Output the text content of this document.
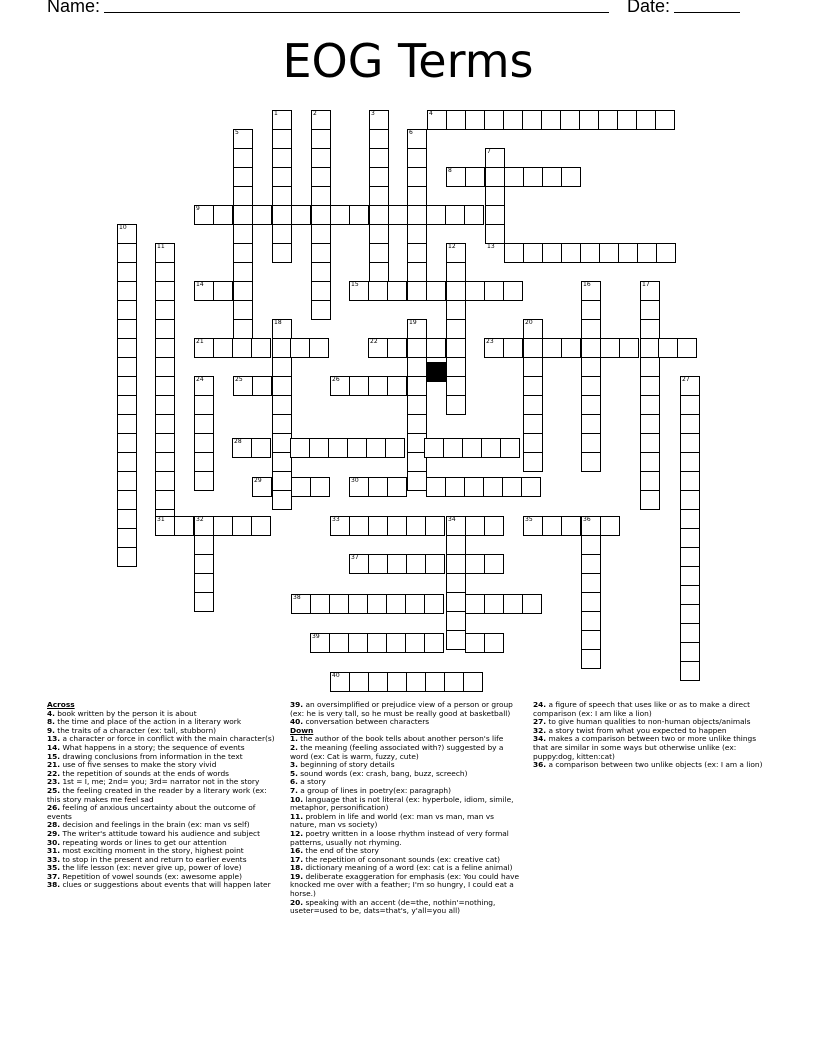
Name:	Date:
EOG Terms
1	2	3	4
5	6
7
8
9
10
11	12	13
14	15	16	17
18	19	20
21	22	23
24	25	26	27
28
29	30
31	32	33	34	35	36
37
38
39
40
Across
4. book written by the person it is about
8. the time and place of the action in a literary work
9. the traits of a character (ex: tall, stubborn)
13. a character or force in conflict with the main character(s)
14. What happens in a story; the sequence of events
15. drawing conclusions from information in the text
21. use of five senses to make the story vivid
22. the repetition of sounds at the ends of words
23. 1st = I, me; 2nd= you; 3rd= narrator not in the story
25. the feeling created in the reader by a literary work (ex: this story makes me feel sad
26. feeling of anxious uncertainty about the outcome of events
28. decision and feelings in the brain (ex: man vs self)
29. The writer's attitude toward his audience and subject
30. repeating words or lines to get our attention
31. most exciting moment in the story, highest point
33. to stop in the present and return to earlier events
35. the life lesson (ex: never give up, power of love)
37. Repetition of vowel sounds (ex: awesome apple)
38. clues or suggestions about events that will happen later
39. an oversimplified or prejudice view of a person or group (ex: he is very tall, so he must be really good at basketball)
40. conversation between characters
Down
1. the author of the book tells about another person's life
2. the meaning (feeling associated with?) suggested by a word (ex: Cat is warm, fuzzy, cute)
3. beginning of story details
5. sound words (ex: crash, bang, buzz, screech)
6. a story
7. a group of lines in poetry(ex: paragraph)
10. language that is not literal (ex: hyperbole, idiom, simile, metaphor, personification)
11. problem in life and world (ex: man vs man, man vs nature, man vs society)
12. poetry written in a loose rhythm instead of very formal patterns, usually not rhyming.
16. the end of the story
17. the repetition of consonant sounds (ex: creative cat)
18. dictionary meaning of a word (ex: cat is a feline animal)
19. deliberate exaggeration for emphasis (ex: You could have knocked me over with a feather; I'm so hungry, I could eat a horse.)
20. speaking with an accent (de=the, nothin'=nothing, useter=used to be, dats=that's, y'all=you all)
24. a figure of speech that uses like or as to make a direct comparison (ex: I am like a lion)
27. to give human qualities to non-human objects/animals
32. a story twist from what you expected to happen
34. makes a comparison between two or more unlike things that are similar in some ways but otherwise unlike (ex: puppy:dog, kitten:cat)
36. a comparison between two unlike objects (ex: I am a lion)
